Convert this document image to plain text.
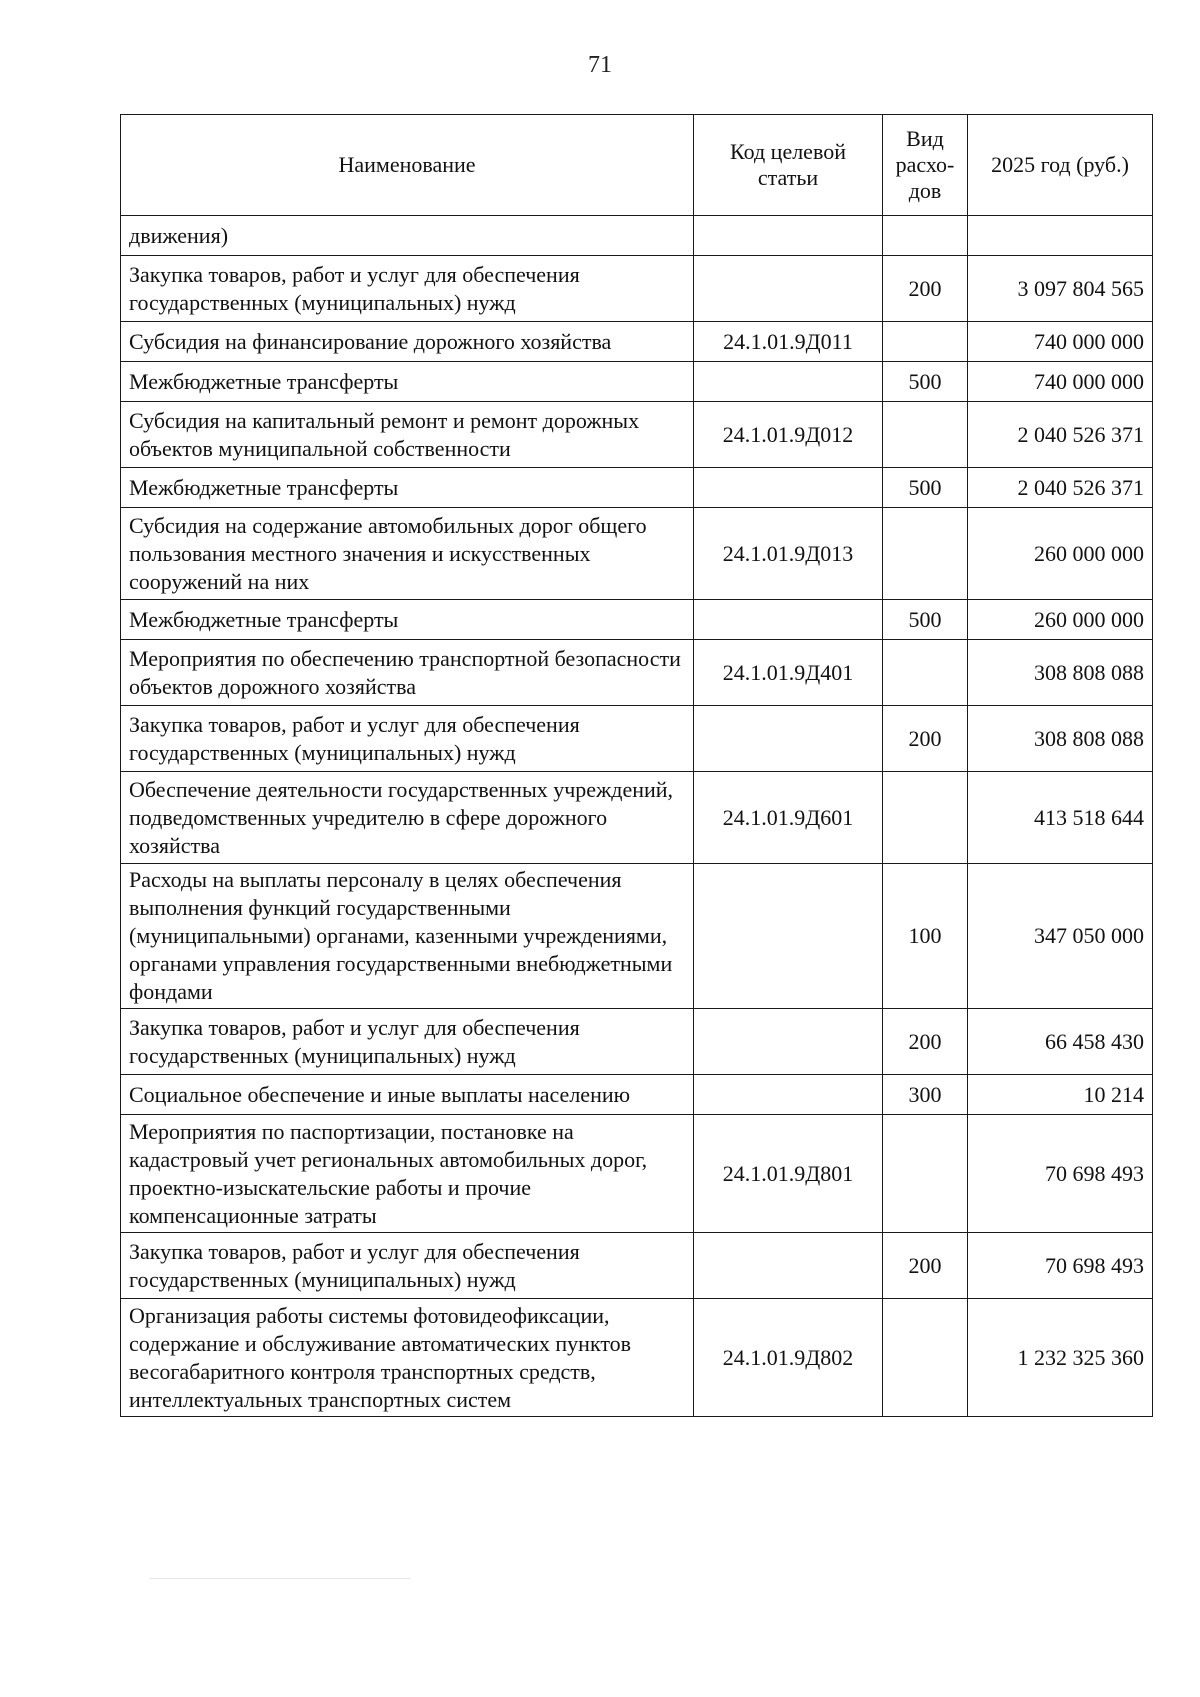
71
Наименование	Код целевой статьи	Вид расхо-дов	2025 год (руб.)
движения)			
Закупка товаров, работ и услуг для обеспечения государственных (муниципальных) нужд		200	3 097 804 565
Субсидия на финансирование дорожного хозяйства	24.1.01.9Д011		740 000 000
Межбюджетные трансферты		500	740 000 000
Субсидия на капитальный ремонт и ремонт дорожных объектов муниципальной собственности	24.1.01.9Д012		2 040 526 371
Межбюджетные трансферты		500	2 040 526 371
Субсидия на содержание автомобильных дорог общего пользования местного значения и искусственных сооружений на них	24.1.01.9Д013		260 000 000
Межбюджетные трансферты		500	260 000 000
Мероприятия по обеспечению транспортной безопасности объектов дорожного хозяйства	24.1.01.9Д401		308 808 088
Закупка товаров, работ и услуг для обеспечения государственных (муниципальных) нужд		200	308 808 088
Обеспечение деятельности государственных учреждений, подведомственных учредителю в сфере дорожного хозяйства	24.1.01.9Д601		413 518 644
Расходы на выплаты персоналу в целях обеспечения выполнения функций государственными (муниципальными) органами, казенными учреждениями, органами управления государственными внебюджетными фондами		100	347 050 000
Закупка товаров, работ и услуг для обеспечения государственных (муниципальных) нужд		200	66 458 430
Социальное обеспечение и иные выплаты населению		300	10 214
Мероприятия по паспортизации, постановке на кадастровый учет региональных автомобильных дорог, проектно-изыскательские работы и прочие компенсационные затраты	24.1.01.9Д801		70 698 493
Закупка товаров, работ и услуг для обеспечения государственных (муниципальных) нужд		200	70 698 493
Организация работы системы фотовидеофиксации, содержание и обслуживание автоматических пунктов весогабаритного контроля транспортных средств, интеллектуальных транспортных систем	24.1.01.9Д802		1 232 325 360
